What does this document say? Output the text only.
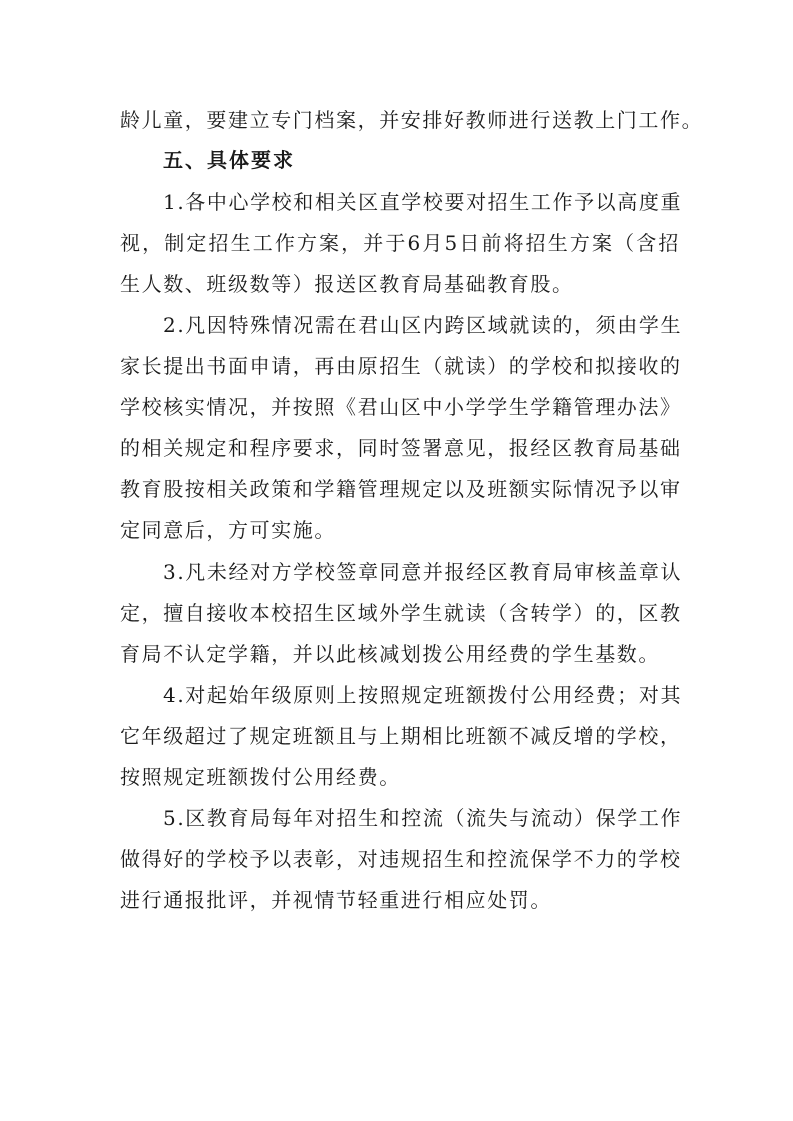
龄儿童，要建立专门档案，并安排好教师进行送教上门工作。
五、具体要求
1.各中心学校和相关区直学校要对招生工作予以高度重
视，制定招生工作方案，并于6月5日前将招生方案（含招
生人数、班级数等）报送区教育局基础教育股。
2.凡因特殊情况需在君山区内跨区域就读的，须由学生
家长提出书面申请，再由原招生（就读）的学校和拟接收的
学校核实情况，并按照《君山区中小学学生学籍管理办法》
的相关规定和程序要求，同时签署意见，报经区教育局基础
教育股按相关政策和学籍管理规定以及班额实际情况予以审
定同意后，方可实施。
3.凡未经对方学校签章同意并报经区教育局审核盖章认
定，擅自接收本校招生区域外学生就读（含转学）的，区教
育局不认定学籍，并以此核减划拨公用经费的学生基数。
4.对起始年级原则上按照规定班额拨付公用经费；对其
它年级超过了规定班额且与上期相比班额不减反增的学校，
按照规定班额拨付公用经费。
5.区教育局每年对招生和控流（流失与流动）保学工作
做得好的学校予以表彰，对违规招生和控流保学不力的学校
进行通报批评，并视情节轻重进行相应处罚。
